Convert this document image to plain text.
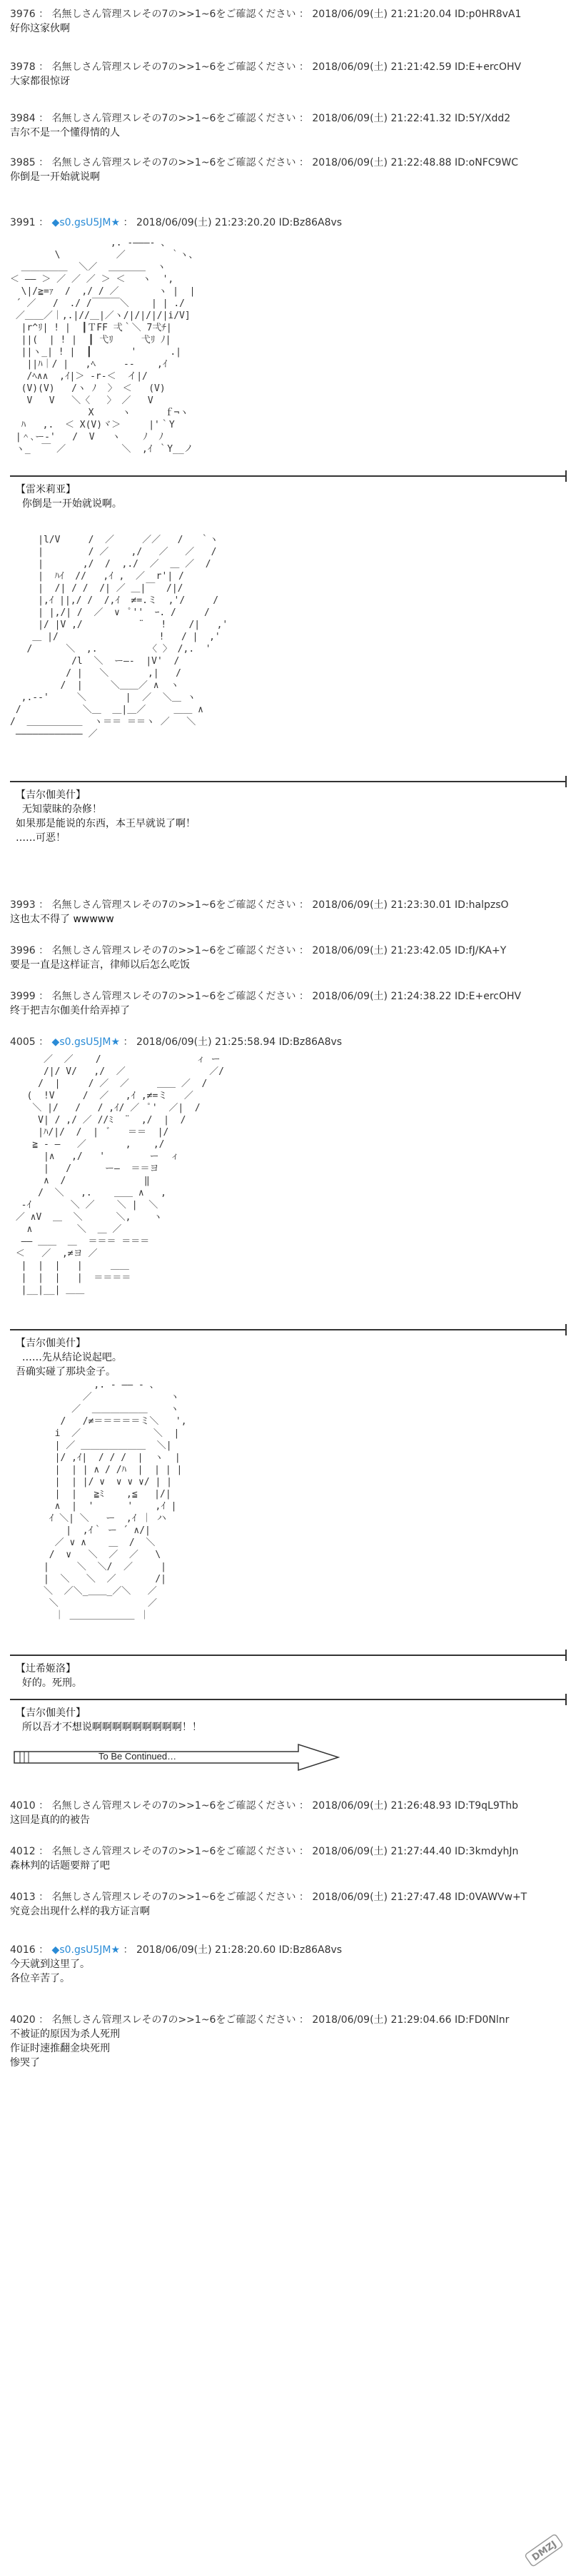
3976 ： 名無しさん管理スレその7の>>1~6をご確認ください ： 2018/06/09(土) 21:21:20.04 ID:p0HR8vA1
好你这家伙啊
3978 ： 名無しさん管理スレその7の>>1~6をご確認ください ： 2018/06/09(土) 21:21:42.59 ID:E+ercOHV
大家都很惊讶
3984 ： 名無しさん管理スレその7の>>1~6をご確認ください ： 2018/06/09(土) 21:22:41.32 ID:5Y/Xdd2
吉尔不是一个懂得情的人
3985 ： 名無しさん管理スレその7の>>1~6をご確認ください ： 2018/06/09(土) 21:22:48.88 ID:oNFC9WC
你倒是一开始就说啊
3991 ： ◆s0.gsU5JM★ ： 2018/06/09(土) 21:23:20.20 ID:Bz86A8vs
,. -―――- 、
\          ／        ｀ヽ、
＿＿＿＿＿  ＼／  ＿＿＿＿  ヽ
＜ ―― ＞ ／ ／ ／ ＞ ＜   ヽ  ',
\|/≧=ｧ  /  ,/ / ／       ヽ |  |
´ ／   /  ./ /￣￣￣＼    | | ./
／＿＿／｜,.|//＿|／ヽ/|/|/|/|i/V]
|r^ﾘ| ! |  ┃ＴFF 弌｀＼ 7弌ﾁ|
||(  | ! |  ┃ 弋ﾘ     弋ﾘ ﾉ|
||ヽ_| ! |  ┃       '      .|
||ﾊ｜/ |   ,ﾍ     --    ,ｲ
/ﾍ∧∧  ,ｲ|＞ -r‐＜  イ|/
(V)(V)   /ヽ ﾉ  〉 ＜   (V)
V   V   ＼〈   〉 ／   V
X     ヽ      ｆ¬ヽ
ﾊ   ,.  ＜ X(V)ヾ＞     |'｀Y
|＾､ー-'   /  V   ヽ    ﾉ  ﾉ
ヽ_  ￣ ／          ＼  ,ｲ ｀Y__ノ
【雷米莉亚】
你倒是一开始就说啊。
|l/V     /  ／     ／／   /   ｀ヽ
|        / ／    ,/   ／   ／   /
|       ,/  /  ,./  ／  ＿ ／  /
|  ﾊｲ  //   ,ｲ ,  ／  r'| /
|  /| / /  /| ／ ＿|￣  /|/
|,ｲ ||,/ /  /,ｲ  ≠=.ミ  ,'/     /
| |,/| /  ／  ∨  ﾟ''  ｰ. /     /
|/ |V ,/          ¨   !    /|   ,'
＿ |/                  !   / |  ,'
/      ＼  ,.         〈 〉 /,.  '
/l  ＼  ー―‐  |V'  /
/ |   ＼       ,|   /
/  |     ＼＿＿／ ∧  ヽ
,.-‐'     ＼       |  ／  ＼＿ ヽ
/           ＼＿  ＿|＿／     ＿＿ ∧
/  ＿＿＿＿＿＿  ヽ＝＝ ＝＝ヽ ／   ＼
―――――――――――― ／
【吉尔伽美什】
无知蒙昧的杂修！
如果那是能说的东西，本王早就说了啊！
……可恶！
3993 ： 名無しさん管理スレその7の>>1~6をご確認ください ： 2018/06/09(土) 21:23:30.01 ID:halpzsO
这也太不得了 wwwww
3996 ： 名無しさん管理スレその7の>>1~6をご確認ください ： 2018/06/09(土) 21:23:42.05 ID:fJ/KA+Y
要是一直是这样证言，律师以后怎么吃饭
3999 ： 名無しさん管理スレその7の>>1~6をご確認ください ： 2018/06/09(土) 21:24:38.22 ID:E+ercOHV
终于把吉尔伽美什给弄掉了
4005 ： ◆s0.gsU5JM★ ： 2018/06/09(土) 21:25:58.94 ID:Bz86A8vs
／  ／    /                 ィ ー
/|/ V/   ,/  ／               ／/
/  |     / ／  ／     ＿＿ ／  /
(  !V     /  ／   ,ｲ ,≠=ミ   ／
＼ |/   /   / ,ｲ/ ／  ﾟ'  ／|  /
V| / ,/ ／ //ﾐ  ¨  ,/  |  /
|ﾊ/|/  /  |  ﾞ   ＝＝  |/
≧ - ―   ／       ,    ,/
|∧   ,/   '        ー  ィ
|   /      ー―  ＝＝ヨ
∧  /              ‖
/  ＼   ,.    ＿＿ ∧   ,
-ｲ       ＼ ／    ＼ |  ＼
／ ∧V  ＿  ＼      ＼,    ヽ
∧        ＼  ＿ ／
―― ＿＿  ＿  ＝＝＝ ＝＝＝
＜   ／  ,≠ヨ ／
|  |  |   |     ＿＿
|  |  |   |  ＝＝＝＝
|__|__| ＿＿
【吉尔伽美什】
……先从结论说起吧。
吾确实碰了那块金子。
,. - ―― - 、
／              ヽ
／  ＿＿＿＿＿＿    ヽ
/   /≠＝＝＝＝＝ミ＼   ',
i  ／             ＼  |
| ／ ＿＿＿＿＿＿＿  ＼|
|/ ,ｲ|  / / /  |  ヽ  |
|  | | ∧ / /ﾊ  |  | | |
|  | |/ ∨  ∨ ∨ ∨/ | |
|  |   ≧ﾐ    ,≦   |/|
∧  |  '      '    ,ｲ |
ｲ ＼| ＼   ー  ,ｲ ｜ ハ
|  ,ｲ｀ ー ´ ∧/|
／ ∨ ∧    ＿  /  ＼
/  ∨   ＼  ／  ／   \
|     ＼  ＼/  ／     |
|  ＼   ＼  ／       /|
＼  ／＼_＿＿_／＼   ／
＼                ／
｜ ＿＿＿＿＿＿＿ ｜
【辻希姬洛】
好的。死刑。
【吉尔伽美什】
所以吾才不想说啊啊啊啊啊啊啊啊啊！！
To Be Continued…
4010 ： 名無しさん管理スレその7の>>1~6をご確認ください ： 2018/06/09(土) 21:26:48.93 ID:T9qL9Thb
这回是真的的被告
4012 ： 名無しさん管理スレその7の>>1~6をご確認ください ： 2018/06/09(土) 21:27:44.40 ID:3kmdyhJn
森林判的话题要辩了吧
4013 ： 名無しさん管理スレその7の>>1~6をご確認ください ： 2018/06/09(土) 21:27:47.48 ID:0VAWVw+T
究竟会出现什么样的我方证言啊
4016 ： ◆s0.gsU5JM★ ： 2018/06/09(土) 21:28:20.60 ID:Bz86A8vs
今天就到这里了。
各位辛苦了。
4020 ： 名無しさん管理スレその7の>>1~6をご確認ください ： 2018/06/09(土) 21:29:04.66 ID:FD0Nlnr
不被证的原因为杀人死刑
作证时速推翻金块死刑
惨哭了
DMZJ
